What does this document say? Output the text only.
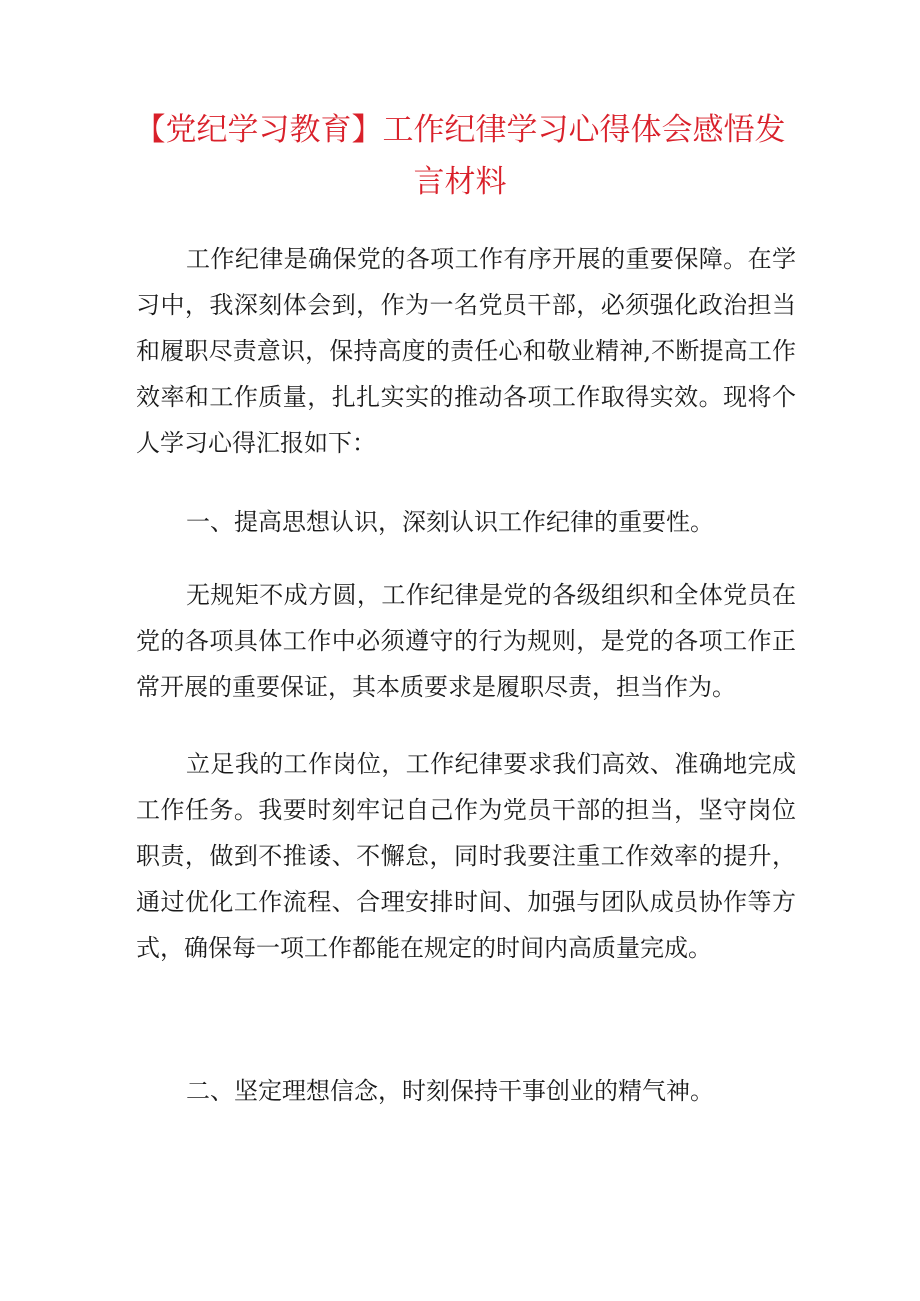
【党纪学习教育】工作纪律学习心得体会感悟发言材料

工作纪律是确保党的各项工作有序开展的重要保障。在学习中，我深刻体会到，作为一名党员干部，必须强化政治担当和履职尽责意识，保持高度的责任心和敬业精神,不断提高工作效率和工作质量，扎扎实实的推动各项工作取得实效。现将个人学习心得汇报如下：

一、提高思想认识，深刻认识工作纪律的重要性。

无规矩不成方圆，工作纪律是党的各级组织和全体党员在党的各项具体工作中必须遵守的行为规则，是党的各项工作正常开展的重要保证，其本质要求是履职尽责，担当作为。

立足我的工作岗位，工作纪律要求我们高效、准确地完成工作任务。我要时刻牢记自己作为党员干部的担当，坚守岗位职责，做到不推诿、不懈怠，同时我要注重工作效率的提升，通过优化工作流程、合理安排时间、加强与团队成员协作等方式，确保每一项工作都能在规定的时间内高质量完成。

二、坚定理想信念，时刻保持干事创业的精气神。
